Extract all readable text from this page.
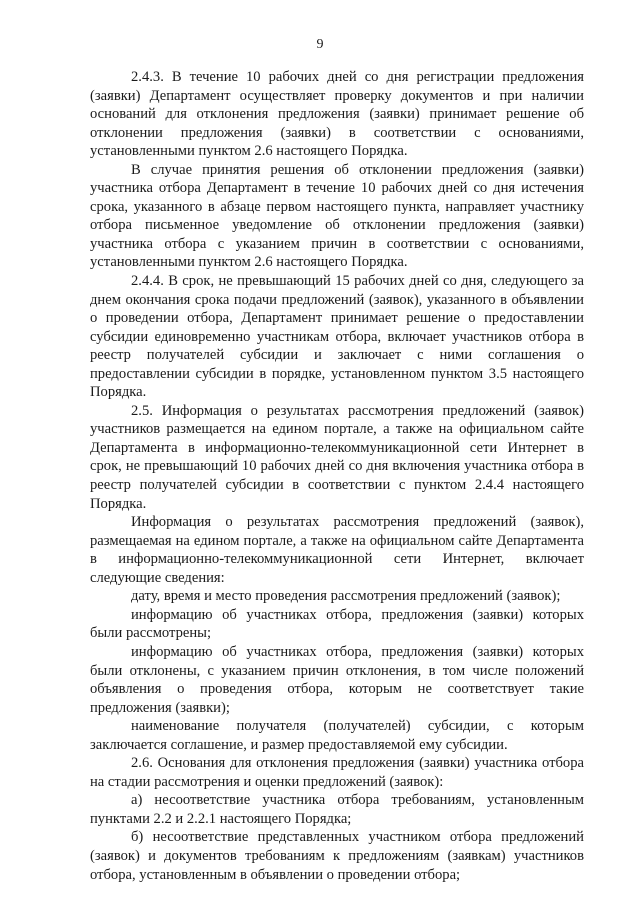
9

2.4.3. В течение 10 рабочих дней со дня регистрации предложения (заявки) Департамент осуществляет проверку документов и при наличии оснований для отклонения предложения (заявки) принимает решение об отклонении предложения (заявки) в соответствии с основаниями, установленными пунктом 2.6 настоящего Порядка.

В случае принятия решения об отклонении предложения (заявки) участника отбора Департамент в течение 10 рабочих дней со дня истечения срока, указанного в абзаце первом настоящего пункта, направляет участнику отбора письменное уведомление об отклонении предложения (заявки) участника отбора с указанием причин в соответствии с основаниями, установленными пунктом 2.6 настоящего Порядка.

2.4.4. В срок, не превышающий 15 рабочих дней со дня, следующего за днем окончания срока подачи предложений (заявок), указанного в объявлении о проведении отбора, Департамент принимает решение о предоставлении субсидии единовременно участникам отбора, включает участников отбора в реестр получателей субсидии и заключает с ними соглашения о предоставлении субсидии в порядке, установленном пунктом 3.5 настоящего Порядка.

2.5. Информация о результатах рассмотрения предложений (заявок) участников размещается на едином портале, а также на официальном сайте Департамента в информационно-телекоммуникационной сети Интернет в срок, не превышающий 10 рабочих дней со дня включения участника отбора в реестр получателей субсидии в соответствии с пунктом 2.4.4 настоящего Порядка.

Информация о результатах рассмотрения предложений (заявок), размещаемая на едином портале, а также на официальном сайте Департамента в информационно-телекоммуникационной сети Интернет, включает следующие сведения:

дату, время и место проведения рассмотрения предложений (заявок);

информацию об участниках отбора, предложения (заявки) которых были рассмотрены;

информацию об участниках отбора, предложения (заявки) которых были отклонены, с указанием причин отклонения, в том числе положений объявления о проведения отбора, которым не соответствует такие предложения (заявки);

наименование получателя (получателей) субсидии, с которым заключается соглашение, и размер предоставляемой ему субсидии.

2.6. Основания для отклонения предложения (заявки) участника отбора на стадии рассмотрения и оценки предложений (заявок):

а) несоответствие участника отбора требованиям, установленным пунктами 2.2 и 2.2.1 настоящего Порядка;

б) несоответствие представленных участником отбора предложений (заявок) и документов требованиям к предложениям (заявкам) участников отбора, установленным в объявлении о проведении отбора;
